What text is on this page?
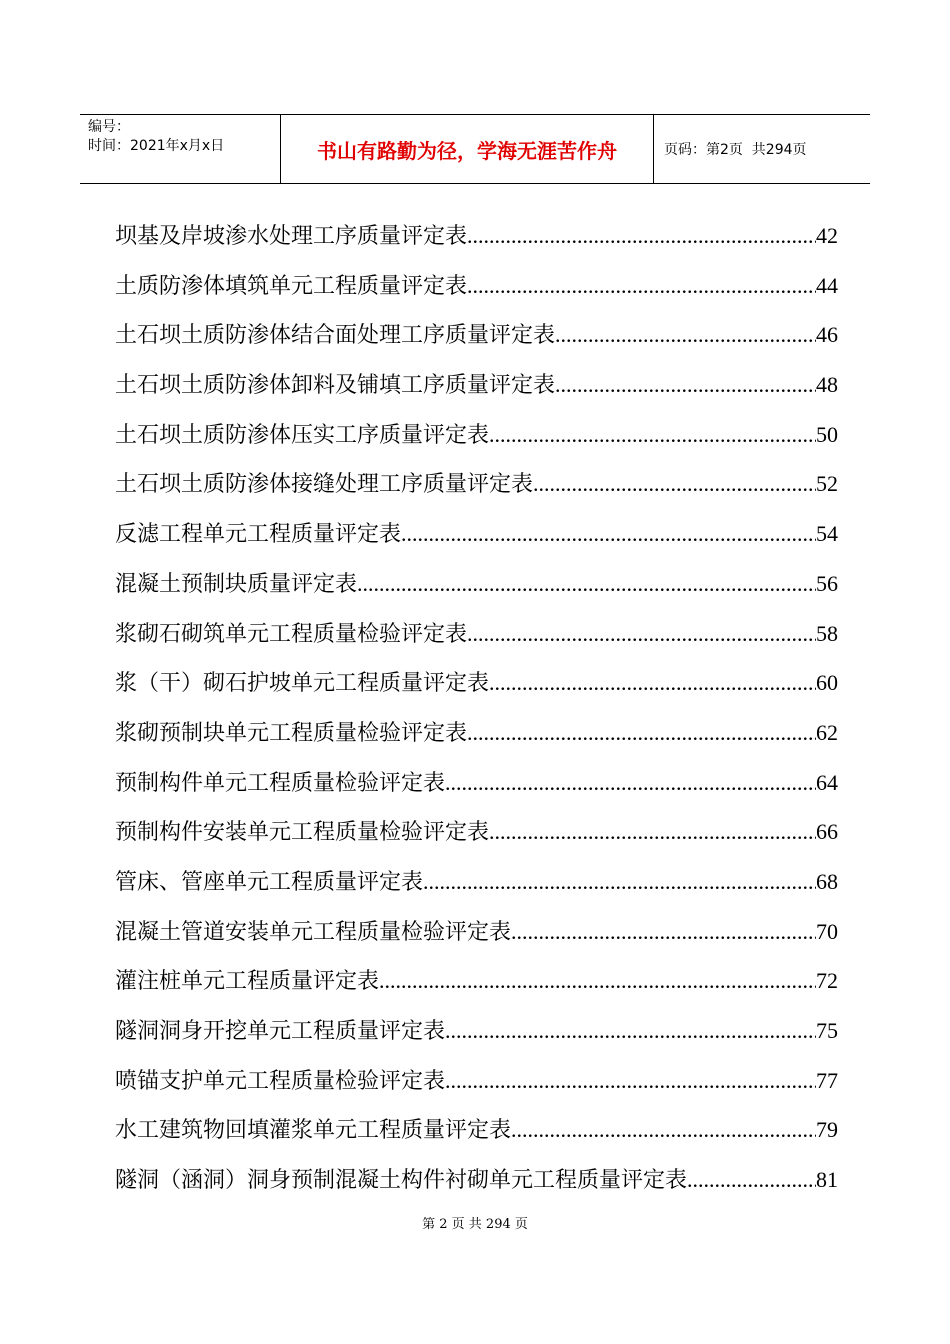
编号：
时间：2021年x月x日	书山有路勤为径，学海无涯苦作舟	页码：第2页  共294页
坝基及岸坡渗水处理工序质量评定表 .....	42
土质防渗体填筑单元工程质量评定表 .....	44
土石坝土质防渗体结合面处理工序质量评定表 .....	46
土石坝土质防渗体卸料及铺填工序质量评定表 .....	48
土石坝土质防渗体压实工序质量评定表 .....	50
土石坝土质防渗体接缝处理工序质量评定表 .....	52
反滤工程单元工程质量评定表 .....	54
混凝土预制块质量评定表 .....	56
浆砌石砌筑单元工程质量检验评定表 .....	58
浆（干）砌石护坡单元工程质量评定表 .....	60
浆砌预制块单元工程质量检验评定表 .....	62
预制构件单元工程质量检验评定表 .....	64
预制构件安装单元工程质量检验评定表 .....	66
管床、管座单元工程质量评定表 .....	68
混凝土管道安装单元工程质量检验评定表 .....	70
灌注桩单元工程质量评定表 .....	72
隧洞洞身开挖单元工程质量评定表 .....	75
喷锚支护单元工程质量检验评定表 .....	77
水工建筑物回填灌浆单元工程质量评定表 .....	79
隧洞（涵洞）洞身预制混凝土构件衬砌单元工程质量评定表 .....	81
第 2 页 共 294 页
